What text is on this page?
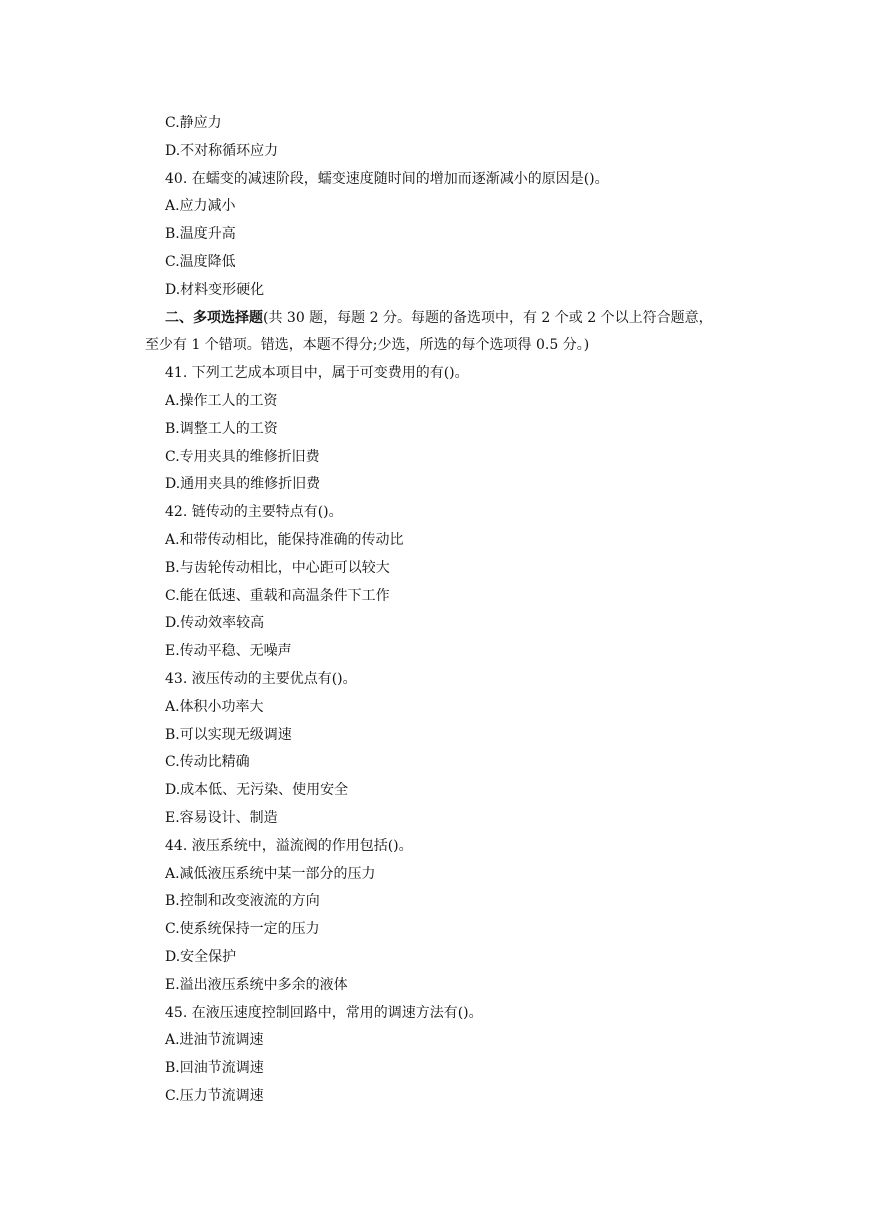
C.静应力
D.不对称循环应力
40. 在蠕变的减速阶段，蠕变速度随时间的增加而逐渐减小的原因是()。
A.应力减小
B.温度升高
C.温度降低
D.材料变形硬化
二、多项选择题(共 30 题，每题 2 分。每题的备选项中，有 2 个或 2 个以上符合题意，
至少有 1 个错项。错选，本题不得分;少选，所选的每个选项得 0.5 分。)
41. 下列工艺成本项目中，属于可变费用的有()。
A.操作工人的工资
B.调整工人的工资
C.专用夹具的维修折旧费
D.通用夹具的维修折旧费
42. 链传动的主要特点有()。
A.和带传动相比，能保持准确的传动比
B.与齿轮传动相比，中心距可以较大
C.能在低速、重载和高温条件下工作
D.传动效率较高
E.传动平稳、无噪声
43. 液压传动的主要优点有()。
A.体积小功率大
B.可以实现无级调速
C.传动比精确
D.成本低、无污染、使用安全
E.容易设计、制造
44. 液压系统中，溢流阀的作用包括()。
A.减低液压系统中某一部分的压力
B.控制和改变液流的方向
C.使系统保持一定的压力
D.安全保护
E.溢出液压系统中多余的液体
45. 在液压速度控制回路中，常用的调速方法有()。
A.进油节流调速
B.回油节流调速
C.压力节流调速
